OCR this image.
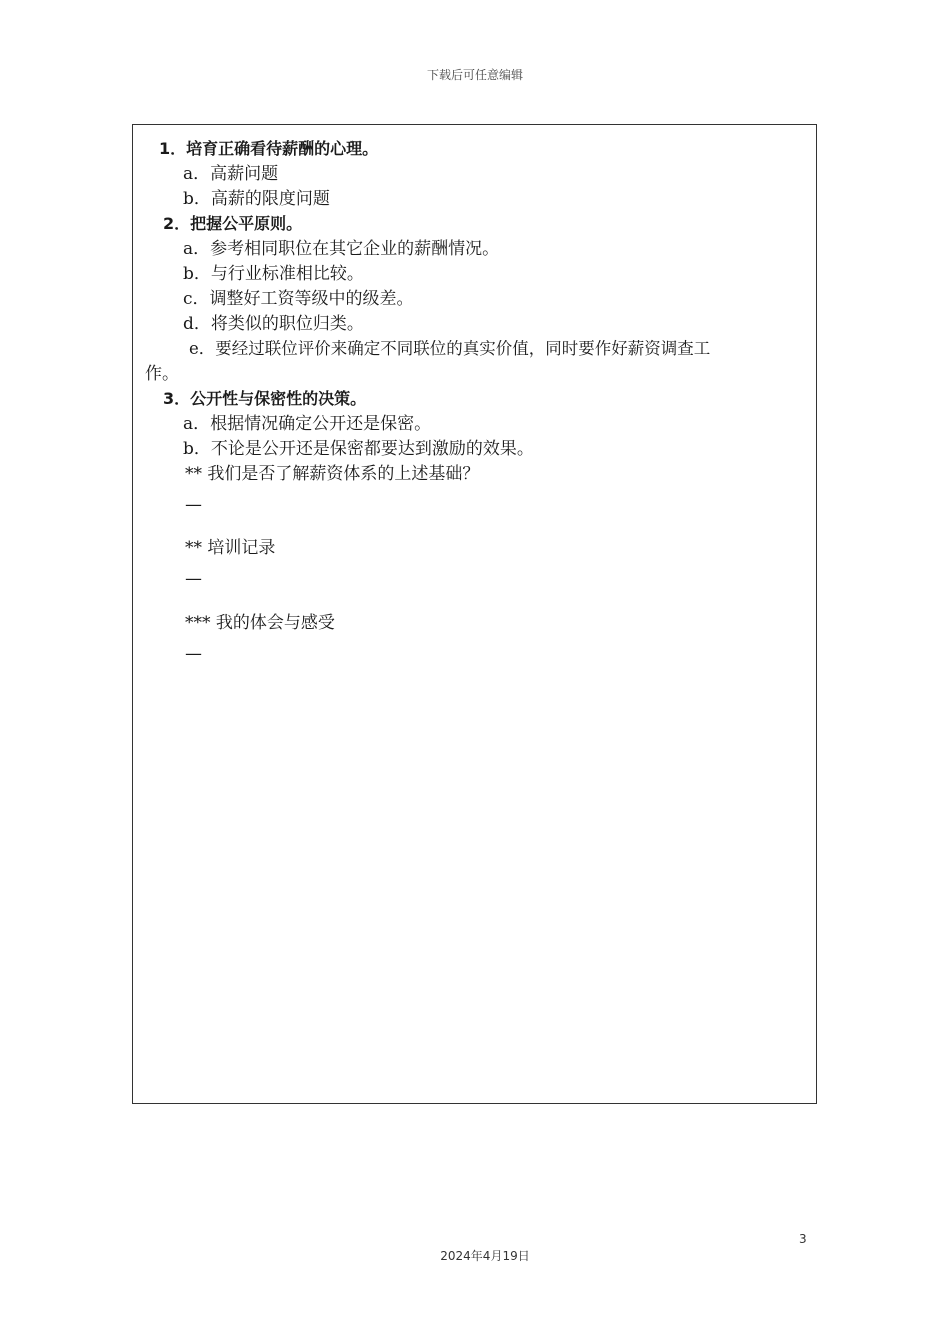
下载后可任意编辑
1．培育正确看待薪酬的心理。
a．高薪问题
b．高薪的限度问题
2．把握公平原则。
a．参考相同职位在其它企业的薪酬情况。
b．与行业标准相比较。
c．调整好工资等级中的级差。
d．将类似的职位归类。
e．要经过联位评价来确定不同联位的真实价值，同时要作好薪资调查工
作。
3．公开性与保密性的决策。
a．根据情况确定公开还是保密。
b．不论是公开还是保密都要达到激励的效果。
** 我们是否了解薪资体系的上述基础？
—
** 培训记录
—
*** 我的体会与感受
—
3
2024年4月19日
